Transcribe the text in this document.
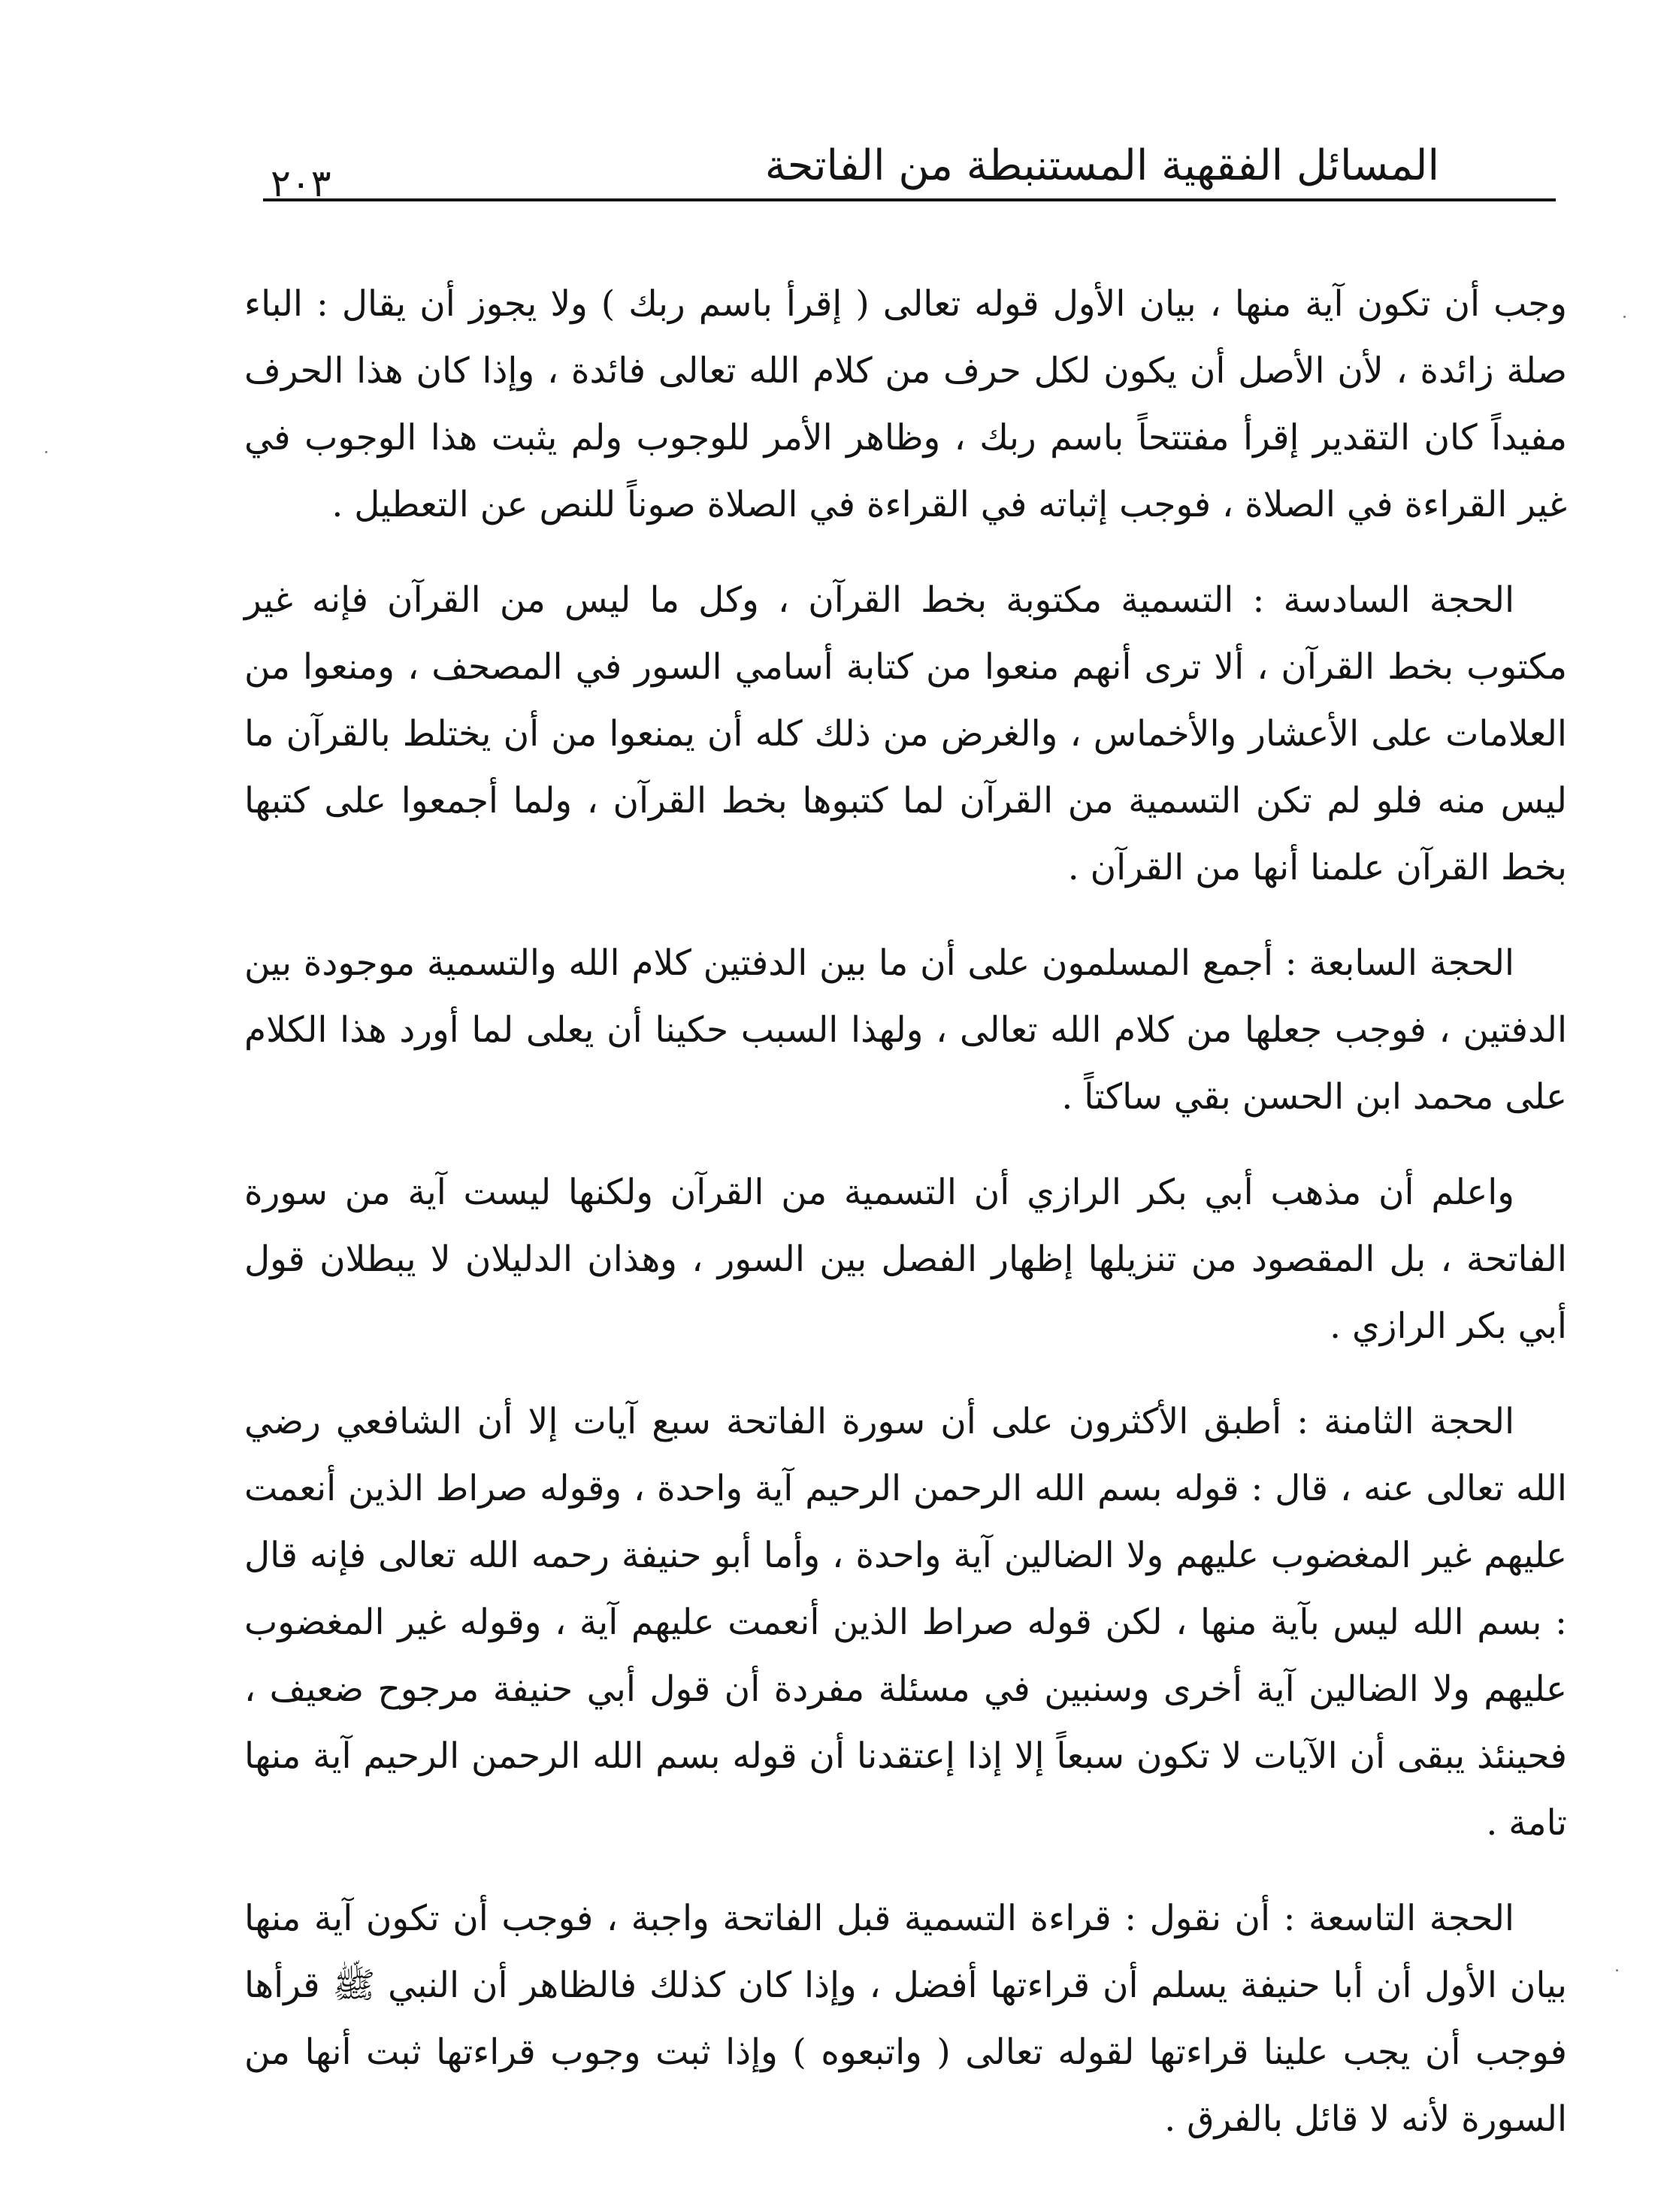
المسائل الفقهية المستنبطة من الفاتحة
٢٠٣

وجب أن تكون آية منها ، بيان الأول قوله تعالى ( إقرأ باسم ربك ) ولا يجوز أن يقال : الباء صلة زائدة ، لأن الأصل أن يكون لكل حرف من كلام الله تعالى فائدة ، وإذا كان هذا الحرف مفيداً كان التقدير إقرأ مفتتحاً باسم ربك ، وظاهر الأمر للوجوب ولم يثبت هذا الوجوب في غير القراءة في الصلاة ، فوجب إثباته في القراءة في الصلاة صوناً للنص عن التعطيل .

الحجة السادسة : التسمية مكتوبة بخط القرآن ، وكل ما ليس من القرآن فإنه غير مكتوب بخط القرآن ، ألا ترى أنهم منعوا من كتابة أسامي السور في المصحف ، ومنعوا من العلامات على الأعشار والأخماس ، والغرض من ذلك كله أن يمنعوا من أن يختلط بالقرآن ما ليس منه فلو لم تكن التسمية من القرآن لما كتبوها بخط القرآن ، ولما أجمعوا على كتبها بخط القرآن علمنا أنها من القرآن .

الحجة السابعة : أجمع المسلمون على أن ما بين الدفتين كلام الله والتسمية موجودة بين الدفتين ، فوجب جعلها من كلام الله تعالى ، ولهذا السبب حكينا أن يعلى لما أورد هذا الكلام على محمد ابن الحسن بقي ساكتاً .

واعلم أن مذهب أبي بكر الرازي أن التسمية من القرآن ولكنها ليست آية من سورة الفاتحة ، بل المقصود من تنزيلها إظهار الفصل بين السور ، وهذان الدليلان لا يبطلان قول أبي بكر الرازي .

الحجة الثامنة : أطبق الأكثرون على أن سورة الفاتحة سبع آيات إلا أن الشافعي رضي الله تعالى عنه ، قال : قوله بسم الله الرحمن الرحيم آية واحدة ، وقوله صراط الذين أنعمت عليهم غير المغضوب عليهم ولا الضالين آية واحدة ، وأما أبو حنيفة رحمه الله تعالى فإنه قال : بسم الله ليس بآية منها ، لكن قوله صراط الذين أنعمت عليهم آية ، وقوله غير المغضوب عليهم ولا الضالين آية أخرى وسنبين في مسئلة مفردة أن قول أبي حنيفة مرجوح ضعيف ، فحينئذ يبقى أن الآيات لا تكون سبعاً إلا إذا إعتقدنا أن قوله بسم الله الرحمن الرحيم آية منها تامة .

الحجة التاسعة : أن نقول : قراءة التسمية قبل الفاتحة واجبة ، فوجب أن تكون آية منها بيان الأول أن أبا حنيفة يسلم أن قراءتها أفضل ، وإذا كان كذلك فالظاهر أن النبي ﷺ قرأها فوجب أن يجب علينا قراءتها لقوله تعالى ( واتبعوه ) وإذا ثبت وجوب قراءتها ثبت أنها من السورة لأنه لا قائل بالفرق .
